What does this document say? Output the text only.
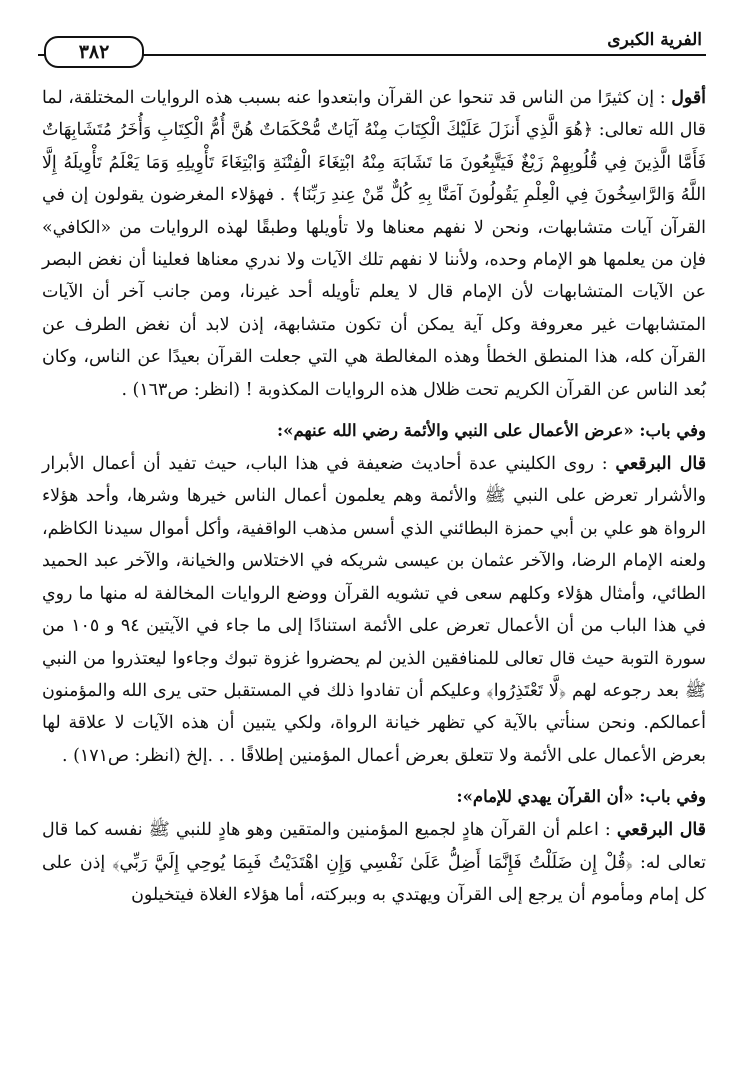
٣٨٢
الفرية الكبرى

أقول : إن كثيرًا من الناس قد تنحوا عن القرآن وابتعدوا عنه بسبب هذه الروايات المختلقة، لما قال الله تعالى: ﴿هُوَ الَّذِي أَنزَلَ عَلَيْكَ الْكِتَابَ مِنْهُ آيَاتٌ مُّحْكَمَاتٌ هُنَّ أُمُّ الْكِتَابِ وَأُخَرُ مُتَشَابِهَاتٌ فَأَمَّا الَّذِينَ فِي قُلُوبِهِمْ زَيْغٌ فَيَتَّبِعُونَ مَا تَشَابَهَ مِنْهُ ابْتِغَاءَ الْفِتْنَةِ وَابْتِغَاءَ تَأْوِيلِهِ وَمَا يَعْلَمُ تَأْوِيلَهُ إِلَّا اللَّهُ وَالرَّاسِخُونَ فِي الْعِلْمِ يَقُولُونَ آمَنَّا بِهِ كُلٌّ مِّنْ عِندِ رَبِّنَا﴾ . فهؤلاء المغرضون يقولون إن في القرآن آيات متشابهات، ونحن لا نفهم معناها ولا تأويلها وطبقًا لهذه الروايات من «الكافي» فإن من يعلمها هو الإمام وحده، ولأننا لا نفهم تلك الآيات ولا ندري معناها فعلينا أن نغض البصر عن الآيات المتشابهات لأن الإمام قال لا يعلم تأويله أحد غيرنا، ومن جانب آخر أن الآيات المتشابهات غير معروفة وكل آية يمكن أن تكون متشابهة، إذن لابد أن نغض الطرف عن القرآن كله، هذا المنطق الخطأ وهذه المغالطة هي التي جعلت القرآن بعيدًا عن الناس، وكان بُعد الناس عن القرآن الكريم تحت ظلال هذه الروايات المكذوبة ! (انظر: ص١٦٣) .

وفي باب: «عرض الأعمال على النبي والأئمة رضي الله عنهم»:

قال البرقعي : روى الكليني عدة أحاديث ضعيفة في هذا الباب، حيث تفيد أن أعمال الأبرار والأشرار تعرض على النبي ﷺ والأئمة وهم يعلمون أعمال الناس خيرها وشرها، وأحد هؤلاء الرواة هو علي بن أبي حمزة البطائني الذي أسس مذهب الواقفية، وأكل أموال سيدنا الكاظم، ولعنه الإمام الرضا، والآخر عثمان بن عيسى شريكه في الاختلاس والخيانة، والآخر عبد الحميد الطائي، وأمثال هؤلاء وكلهم سعى في تشويه القرآن ووضع الروايات المخالفة له منها ما روي في هذا الباب من أن الأعمال تعرض على الأئمة استنادًا إلى ما جاء في الآيتين ٩٤ و ١٠٥ من سورة التوبة حيث قال تعالى للمنافقين الذين لم يحضروا غزوة تبوك وجاءوا ليعتذروا من النبي ﷺ بعد رجوعه لهم ﴿لَّا تَعْتَذِرُوا﴾ وعليكم أن تفادوا ذلك في المستقبل حتى يرى الله والمؤمنون أعمالكم. ونحن سنأتي بالآية كي تظهر خيانة الرواة، ولكي يتبين أن هذه الآيات لا علاقة لها بعرض الأعمال على الأئمة ولا تتعلق بعرض أعمال المؤمنين إطلاقًا . . .إلخ (انظر: ص١٧١) .

وفي باب: «أن القرآن يهدي للإمام»:

قال البرقعي : اعلم أن القرآن هادٍ لجميع المؤمنين والمتقين وهو هادٍ للنبي ﷺ نفسه كما قال تعالى له: ﴿قُلْ إِن ضَلَلْتُ فَإِنَّمَا أَضِلُّ عَلَىٰ نَفْسِي وَإِنِ اهْتَدَيْتُ فَبِمَا يُوحِي إِلَيَّ رَبِّي﴾ إذن على كل إمام ومأموم أن يرجع إلى القرآن ويهتدي به وببركته، أما هؤلاء الغلاة فيتخيلون
